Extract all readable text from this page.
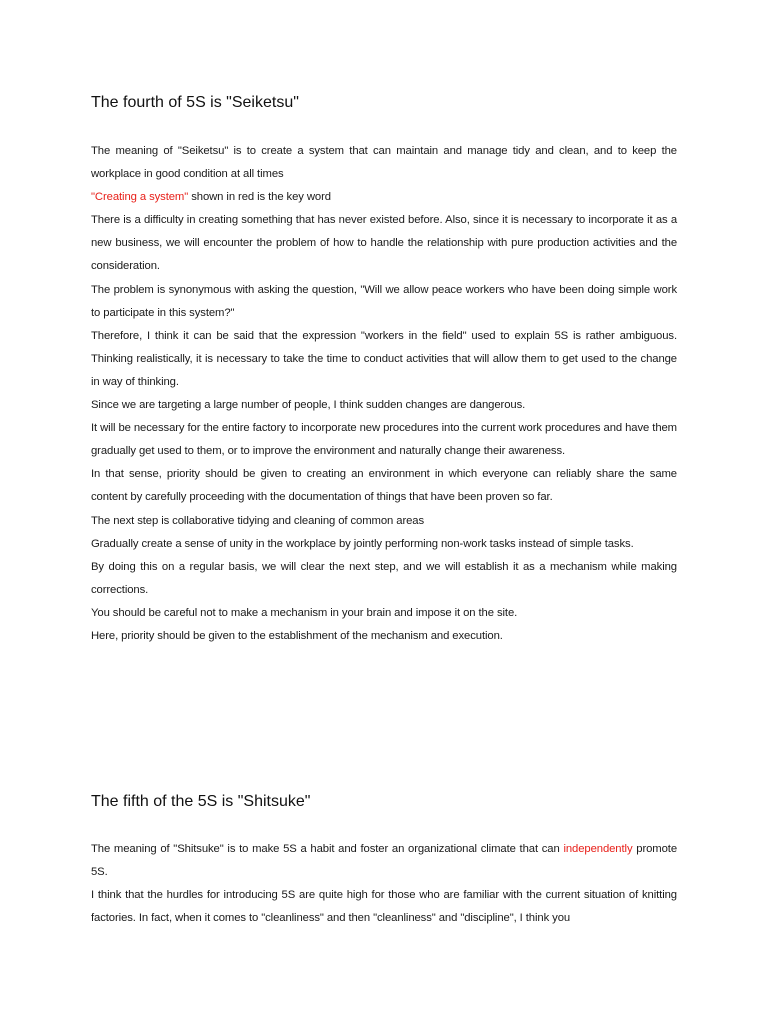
The fourth of 5S is "Seiketsu"

The meaning of "Seiketsu" is to create a system that can maintain and manage tidy and clean, and to keep the workplace in good condition at all times

"Creating a system" shown in red is the key word

There is a difficulty in creating something that has never existed before. Also, since it is necessary to incorporate it as a new business, we will encounter the problem of how to handle the relationship with pure production activities and the consideration.

The problem is synonymous with asking the question, "Will we allow peace workers who have been doing simple work to participate in this system?"

Therefore, I think it can be said that the expression "workers in the field" used to explain 5S is rather ambiguous. Thinking realistically, it is necessary to take the time to conduct activities that will allow them to get used to the change in way of thinking.

Since we are targeting a large number of people, I think sudden changes are dangerous.

It will be necessary for the entire factory to incorporate new procedures into the current work procedures and have them gradually get used to them, or to improve the environment and naturally change their awareness.

In that sense, priority should be given to creating an environment in which everyone can reliably share the same content by carefully proceeding with the documentation of things that have been proven so far.

The next step is collaborative tidying and cleaning of common areas

Gradually create a sense of unity in the workplace by jointly performing non-work tasks instead of simple tasks.

By doing this on a regular basis, we will clear the next step, and we will establish it as a mechanism while making corrections.

You should be careful not to make a mechanism in your brain and impose it on the site.

Here, priority should be given to the establishment of the mechanism and execution.

The fifth of the 5S is "Shitsuke"

The meaning of "Shitsuke" is to make 5S a habit and foster an organizational climate that can independently promote 5S.

I think that the hurdles for introducing 5S are quite high for those who are familiar with the current situation of knitting factories. In fact, when it comes to "cleanliness" and then "cleanliness" and "discipline", I think you
